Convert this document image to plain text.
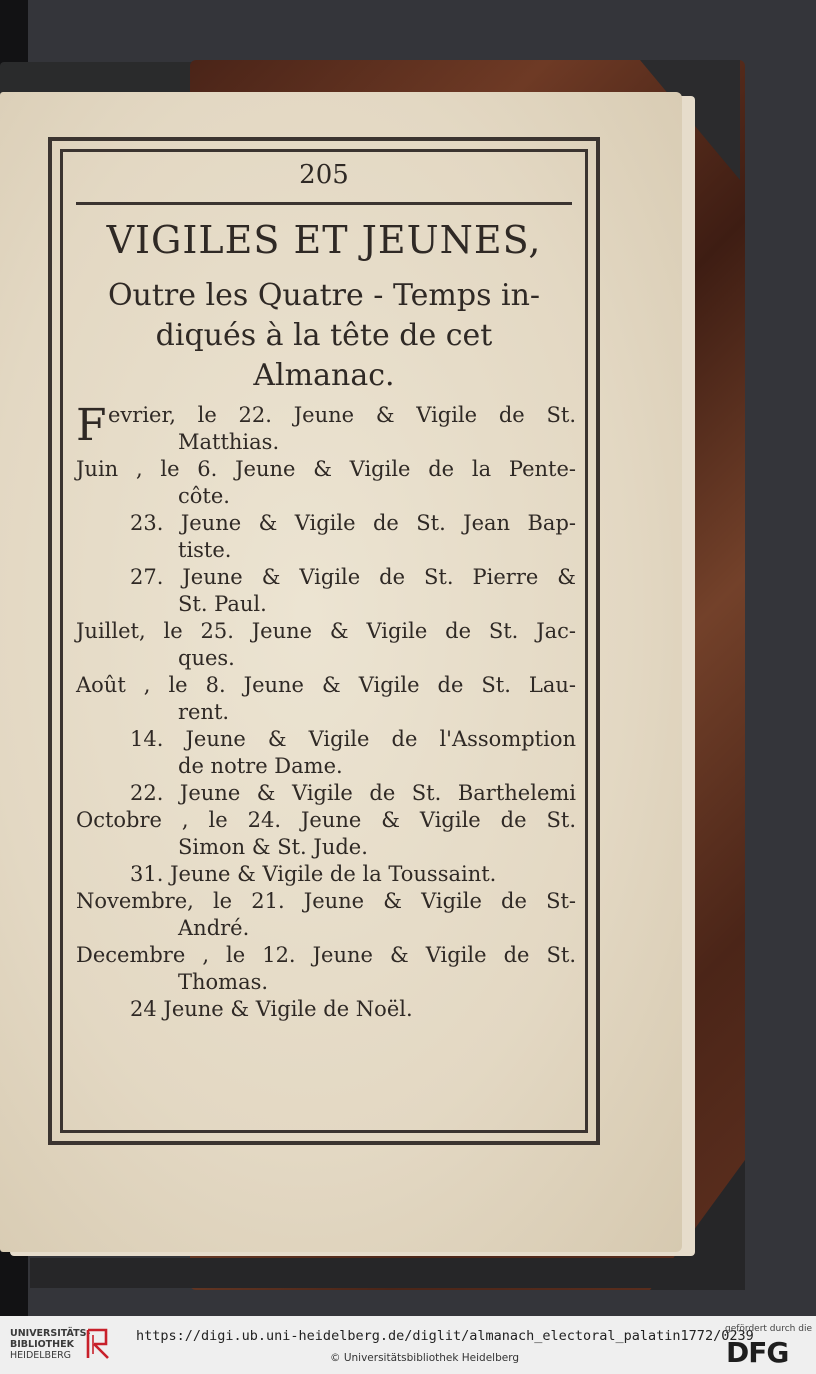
205
VIGILES ET JEUNES,
Outre les Quatre - Temps in-
diqués à la tête de cet
Almanac.
F evrier, le 22. Jeune & Vigile de St.
Matthias.
Juin , le 6. Jeune & Vigile de la Pente-
côte.
23. Jeune & Vigile de St. Jean Bap-
tiste.
27. Jeune & Vigile de St. Pierre &
St. Paul.
Juillet, le 25. Jeune & Vigile de St. Jac-
ques.
Août , le 8. Jeune & Vigile de St. Lau-
rent.
14. Jeune & Vigile de l'Assomption
de notre Dame.
22. Jeune & Vigile de St. Barthelemi
Octobre , le 24. Jeune & Vigile de St.
Simon & St. Jude.
31. Jeune & Vigile de la Toussaint.
Novembre, le 21. Jeune & Vigile de St-
André.
Decembre , le 12. Jeune & Vigile de St.
Thomas.
24 Jeune & Vigile de Noël.
UNIVERSITÄTS-
BIBLIOTHEK
HEIDELBERG
https://digi.ub.uni-heidelberg.de/diglit/almanach_electoral_palatin1772/0239
© Universitätsbibliothek Heidelberg
gefördert durch die
DFG
